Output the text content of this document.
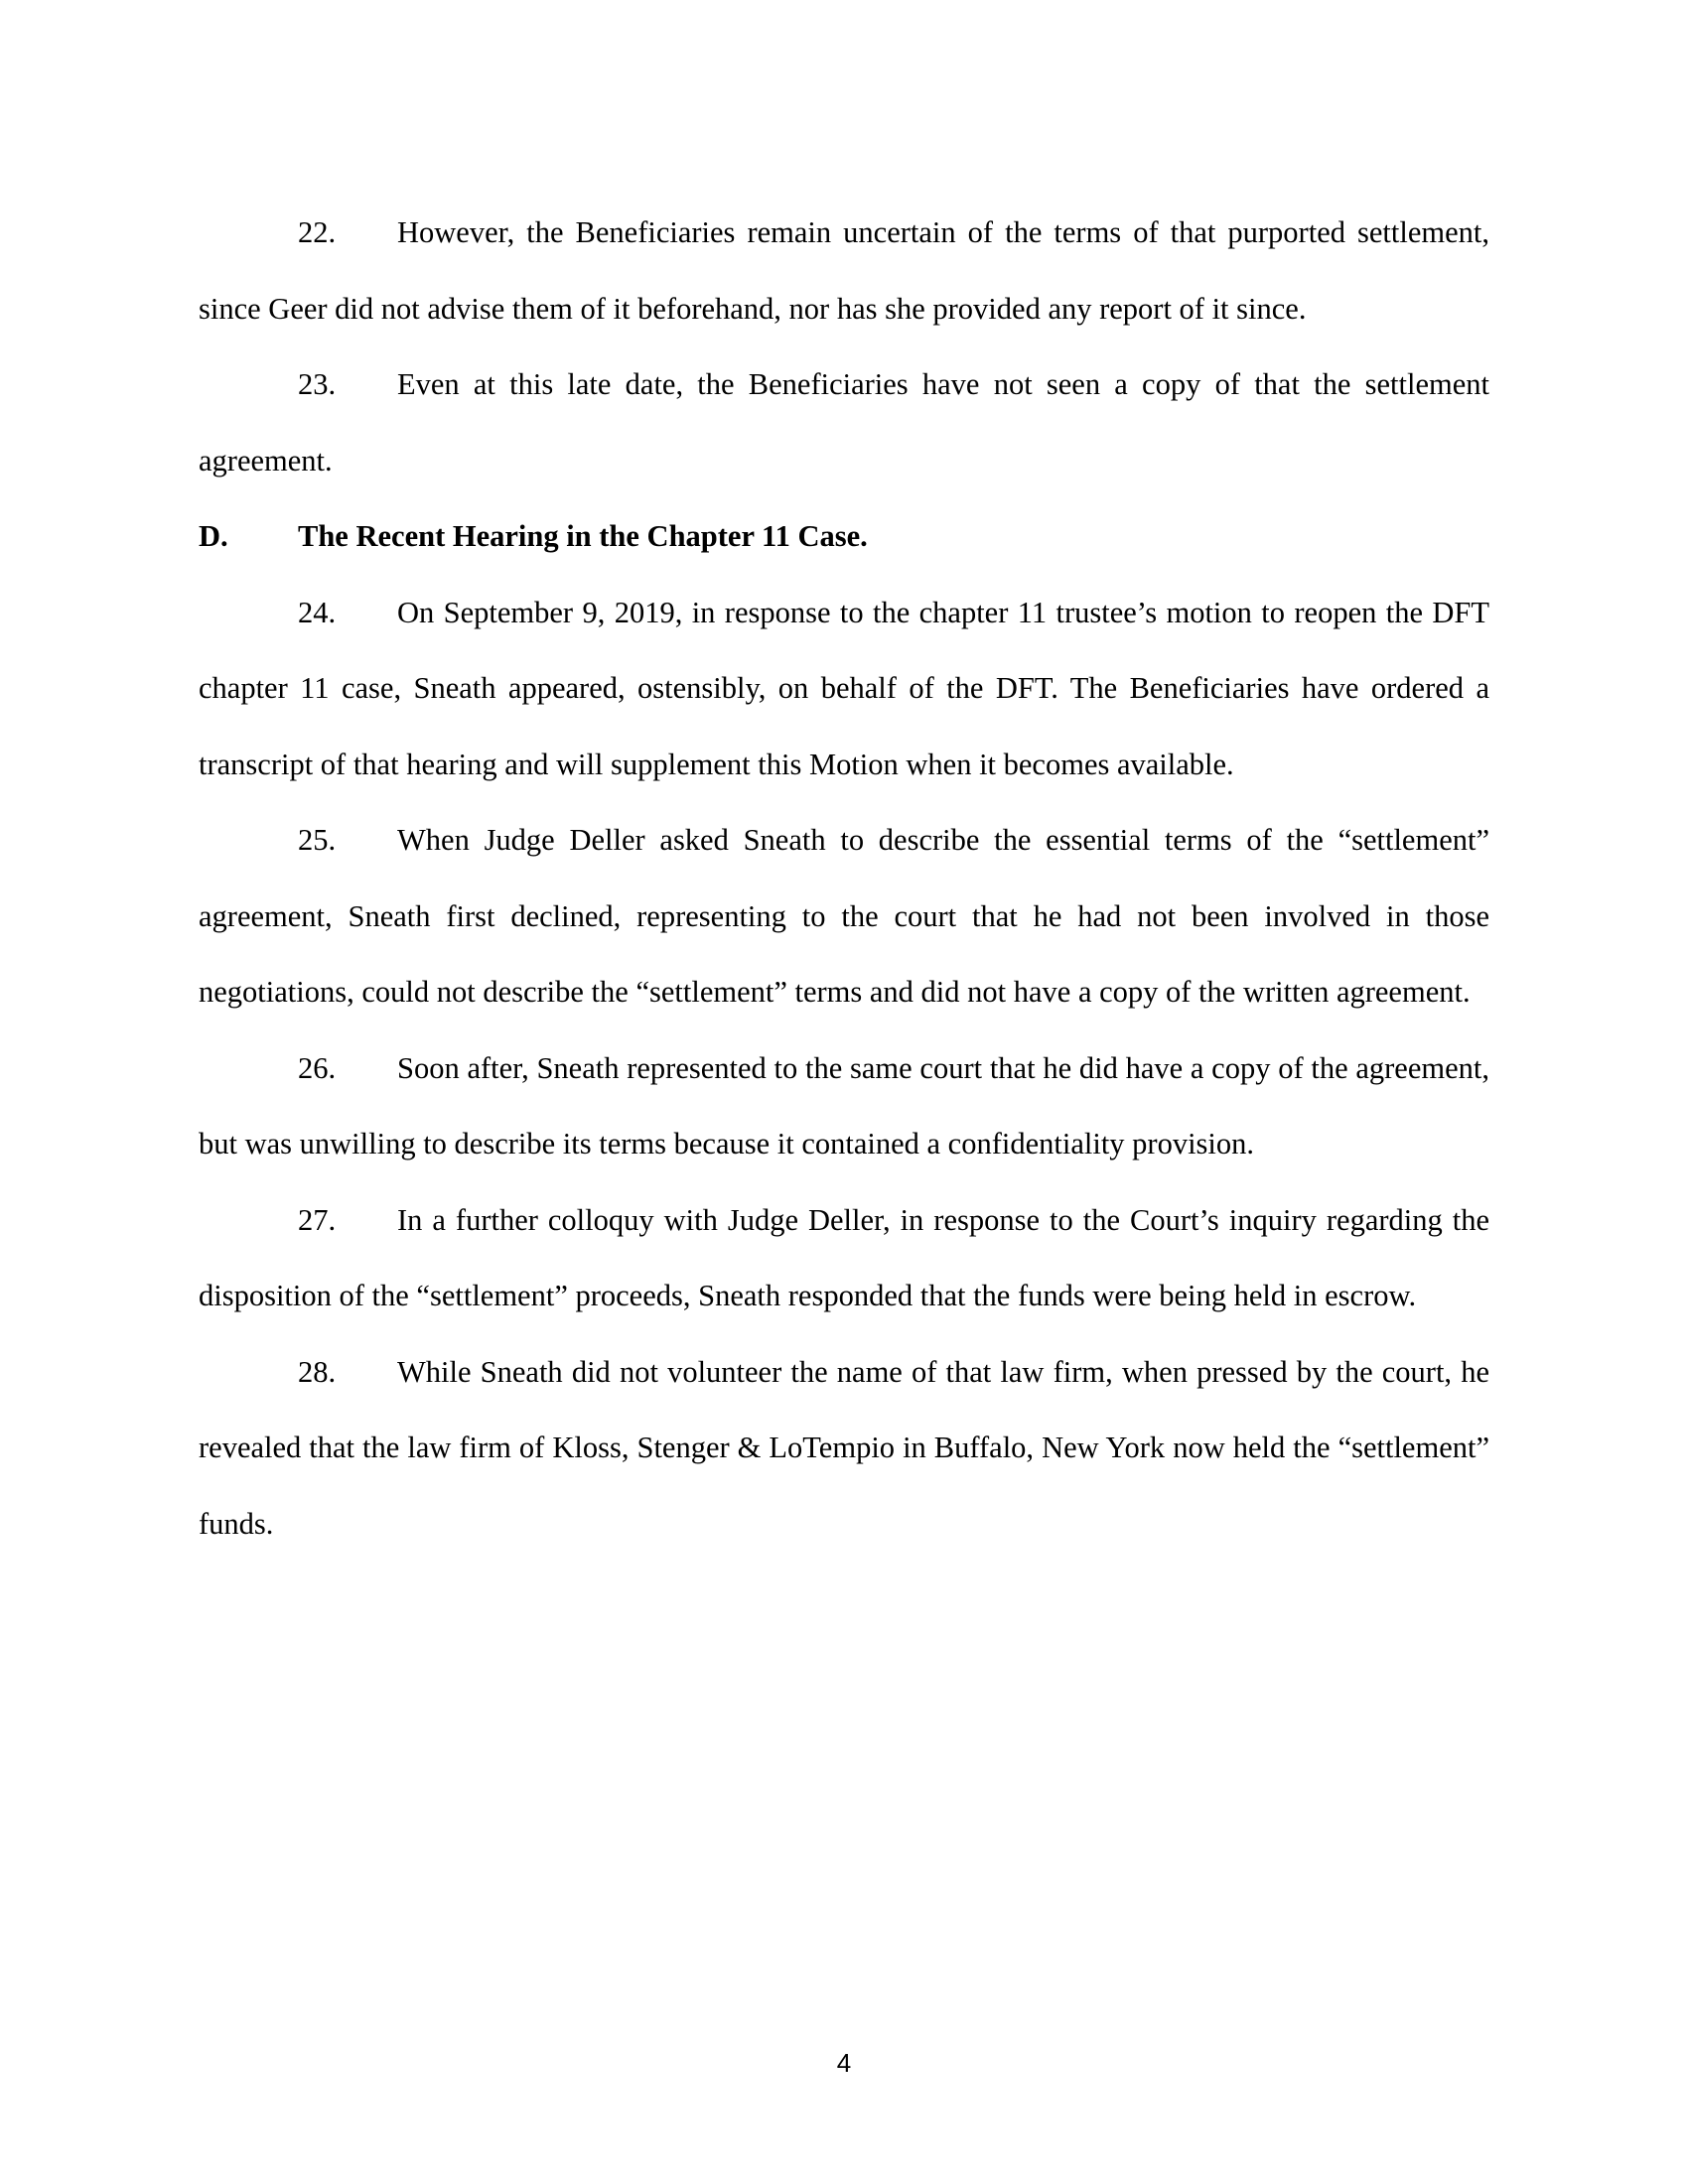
22. However, the Beneficiaries remain uncertain of the terms of that purported settlement, since Geer did not advise them of it beforehand, nor has she provided any report of it since.

23. Even at this late date, the Beneficiaries have not seen a copy of that the settlement agreement.

D.	The Recent Hearing in the Chapter 11 Case.

24. On September 9, 2019, in response to the chapter 11 trustee’s motion to reopen the DFT chapter 11 case, Sneath appeared, ostensibly, on behalf of the DFT. The Beneficiaries have ordered a transcript of that hearing and will supplement this Motion when it becomes available.

25. When Judge Deller asked Sneath to describe the essential terms of the “settlement” agreement, Sneath first declined, representing to the court that he had not been involved in those negotiations, could not describe the “settlement” terms and did not have a copy of the written agreement.

26. Soon after, Sneath represented to the same court that he did have a copy of the agreement, but was unwilling to describe its terms because it contained a confidentiality provision.

27. In a further colloquy with Judge Deller, in response to the Court’s inquiry regarding the disposition of the “settlement” proceeds, Sneath responded that the funds were being held in escrow.

28. While Sneath did not volunteer the name of that law firm, when pressed by the court, he revealed that the law firm of Kloss, Stenger & LoTempio in Buffalo, New York now held the “settlement” funds.

4
